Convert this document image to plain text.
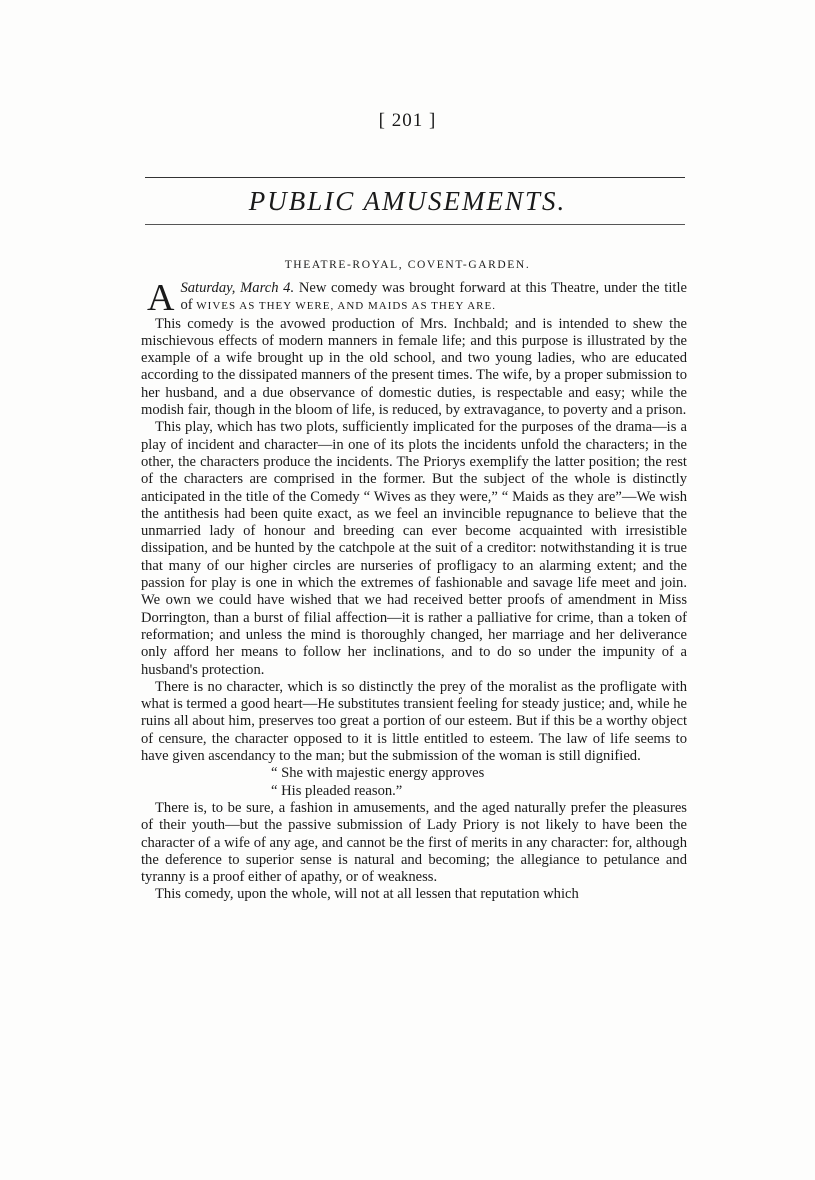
[ 201 ]
PUBLIC AMUSEMENTS.
THEATRE-ROYAL, COVENT-GARDEN.

Saturday, March 4.
A	New comedy was brought forward at this Theatre, under the title of WIVES AS THEY WERE, AND MAIDS AS THEY ARE.

This comedy is the avowed production of Mrs. Inchbald; and is intended to shew the mischievous effects of modern manners in female life; and this purpose is illustrated by the example of a wife brought up in the old school, and two young ladies, who are educated according to the dissipated manners of the present times. The wife, by a proper submission to her husband, and a due observance of domestic duties, is respectable and easy; while the modish fair, though in the bloom of life, is reduced, by extravagance, to poverty and a prison.

This play, which has two plots, sufficiently implicated for the purposes of the drama—is a play of incident and character—in one of its plots the incidents unfold the characters; in the other, the characters produce the incidents. The Priorys exemplify the latter position; the rest of the characters are comprised in the former. But the subject of the whole is distinctly anticipated in the title of the Comedy “ Wives as they were,” “ Maids as they are”—We wish the antithesis had been quite exact, as we feel an invincible repugnance to believe that the unmarried lady of honour and breeding can ever become acquainted with irresistible dissipation, and be hunted by the catchpole at the suit of a creditor: notwithstanding it is true that many of our higher circles are nurseries of profligacy to an alarming extent; and the passion for play is one in which the extremes of fashionable and savage life meet and join. We own we could have wished that we had received better proofs of amendment in Miss Dorrington, than a burst of filial affection—it is rather a palliative for crime, than a token of reformation; and unless the mind is thoroughly changed, her marriage and her deliverance only afford her means to follow her inclinations, and to do so under the impunity of a husband's protection.

There is no character, which is so distinctly the prey of the moralist as the profligate with what is termed a good heart—He substitutes transient feeling for steady justice; and, while he ruins all about him, preserves too great a portion of our esteem. But if this be a worthy object of censure, the character opposed to it is little entitled to esteem. The law of life seems to have given ascendancy to the man; but the submission of the woman is still dignified.

“ She with majestic energy approves

“ His pleaded reason.”

There is, to be sure, a fashion in amusements, and the aged naturally prefer the pleasures of their youth—but the passive submission of Lady Priory is not likely to have been the character of a wife of any age, and cannot be the first of merits in any character: for, although the deference to superior sense is natural and becoming; the allegiance to petulance and tyranny is a proof either of apathy, or of weakness.

This comedy, upon the whole, will not at all lessen that reputation which
